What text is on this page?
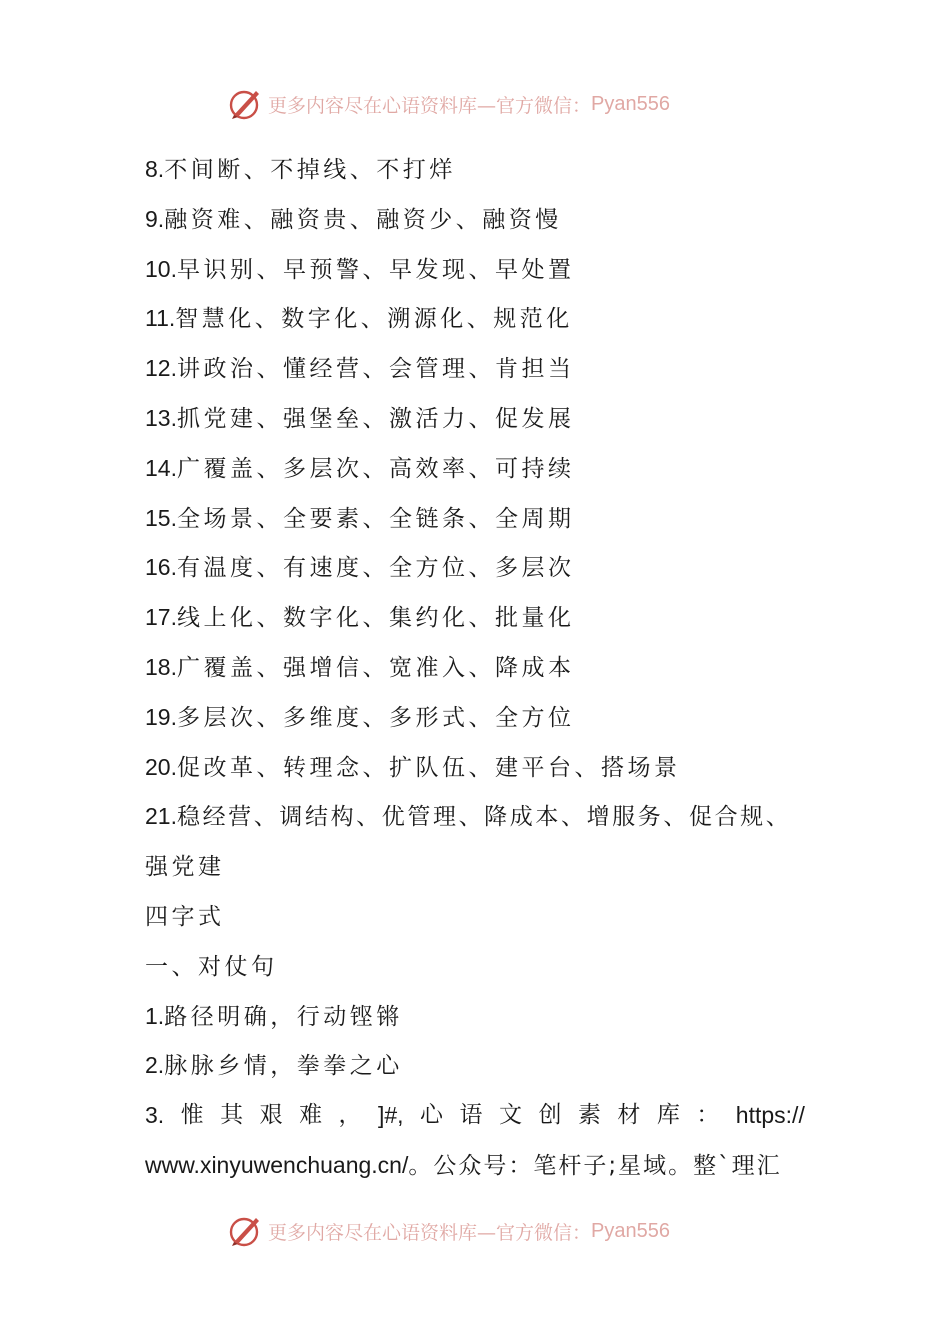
更多内容尽在心语资料库—官方微信： Pyan556
8.不间断、不掉线、不打烊
9.融资难、融资贵、融资少、融资慢
10.早识别、早预警、早发现、早处置
11.智慧化、数字化、溯源化、规范化
12.讲政治、懂经营、会管理、肯担当
13.抓党建、强堡垒、激活力、促发展
14.广覆盖、多层次、高效率、可持续
15.全场景、全要素、全链条、全周期
16.有温度、有速度、全方位、多层次
17.线上化、数字化、集约化、批量化
18.广覆盖、强增信、宽准入、降成本
19.多层次、多维度、多形式、全方位
20.促改革、转理念、扩队伍、建平台、搭场景
21.稳经营、调结构、优管理、降成本、增服务、促合规、
强党建
四字式
一、对仗句
1.路径明确，行动铿锵
2.脉脉乡情，拳拳之心
3. 惟 其 艰 难 ， ]#, 心 语 文 创 素 材 库 ： https://
www.xinyuwenchuang.cn/。公众号：笔杆子;星域。整`理汇
更多内容尽在心语资料库—官方微信： Pyan556
